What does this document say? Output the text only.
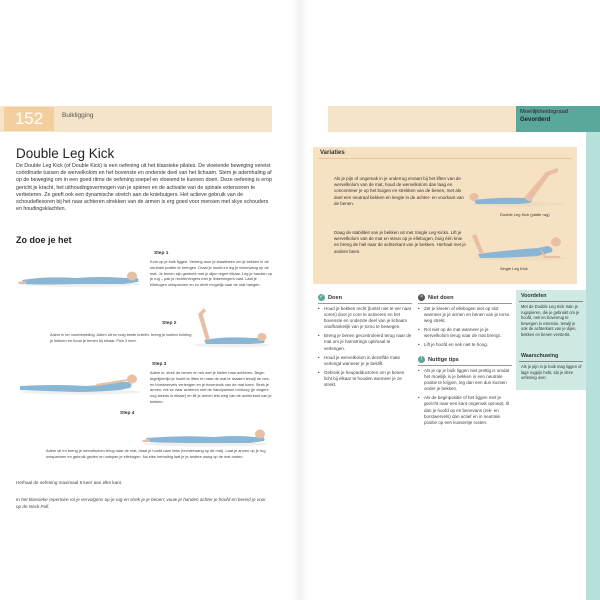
152	Buikligging
Double Leg Kick
De Double Leg Kick (of Double Kick) is een oefening uit het klassieke pilates. De vloeiende beweging vereist coördinatie tussen de wervelkolom en het bovenste en onderste deel van het lichaam. Stem je ademhaling af op de beweging om in een goed ritme de oefening soepel en vloeiend te kunnen doen. Deze oefening is erop gericht je kracht, het uithoudingsvermogen van je spieren en de activatie van de spinale extensoren te verbeteren. Ze geeft ook een dynamische stretch aan de kniebuigers. Het actieve gebruik van de schoudeflexoren bij het naar achteren strekken van de armen is erg goed voor mensen met skye schouders en houdingsklachten.
Zo doe je het
Step 1
Kom op je buik liggen. Verleng door je staartbeen om je bekken in de neutrale positie te brengen. Draai je hoofd en leg je linkerwang op de mat. Je benen zijn gestrekt met je dijen tegen elkaar. Leg je handen op je rug – pak je rechtervingers met je linkervingers vast. Laat je ellebogen ontspannen en zo dicht mogelijk naar de mat hangen.
Step 2
Adem in ter voorbereiding. Adem uit en buig beide knieën, breng je voeten richting je bekken en houd je benen bij elkaar. Puls 3 keer.
Step 3
Adem in, strek de benen en rek met je hielen naar achteren. Begin tegelijkertijd je hoofd te liften en naar de mat te draaien terwijl de nek- en borstwervels verlengen en je bovenbuik van de mat komt. Strek je armen, rek ze naar achteren met de handpalmen omhoog (je vingers nog steeds in elkaar) en lift je armen iets weg van de achterkant van je bekken.
Step 4
Adem uit en breng je wervelkolom terug naar de mat, draai je hoofd naar links (rechterwang op de mat). Laat je armen op je rug ontspannen en gebruik gezien en ontspan je ellebogen. Na elke herhaling laat je je andere wang op de mat rusten.
Herhaal de oefening maximaal 5 keer aan elke kant.
In het klassieke repertoire rol je vervolgens op je rug en strek je je benen; vouw je handen achter je hoofd en bereid je voor op de Neck Pull.
Moeilijkheidsgraad
Gevorderd
Variaties
Als je pijn of ongemak in je onderrug ervaart bij het liften van de wervelkolom van de mat, houd de wervelkolom dan laag en concentreer je op het buigen en strekken van de benen, met als doel een neutraal bekken en lengte in de achter- en voorkant van de benen.
Double Leg Kick (platte rug)
Daag de stabiliteit van je bekken uit met Single Leg Kicks. Lift je wervelkolom van de mat en steun op je ellebogen, buig één knie en breng de hiel naar de achterkant van je bekken. Herhaal met je andere been.
Single Leg Kick
✓ Doen
• Houd je bekken recht (luntel niet te ver naar voren) door je core te activeren en het bovenste en onderste deel van je lichaam onafhankelijk van je torso te bewegen.
• Breng je benen gecontroleerd terug naar de mat om je hamstrings optimaal te verlengen.
• Houd je wervelkolom in dezelfde mate verlengd wanneer je je beklift.
• Gebruik je heupadductoren om je benen licht bij elkaar te houden wanneer je ze strekt.
× Niet doen
• Zet je knieën of ellebogen niet op slot wanneer je je armen en benen van je torso weg strekt.
• Rol niet op de mat wanneer je je wervelkolom terug naar de mat brengt.
• Lift je hoofd en nek niet te hoog.
!	Nuttige tips
• Als je op je buik liggen niet prettig is omdat het moeilijk is je bekken in een neutrale positie te krijgen, leg dan een dun kussen onder je bekken.
• Als de beginpositie of het liggen met je gezicht naar een kant ongemak oproept, til dan je hoofd op en benevans (rek- en borstwervels) dan actief en in neutrale positie op een kussentje rusten.
Voordelen
Met de Double Leg Kick train je rugspieren, die je gebruikt om je hoofd, nek en bovenrug te bewegen in extensie, terwijl je ook de achterkant van je dijen, bekken en benen versterkt.
Waarschuwing
Als je pijn in je buik mag liggen of lage rugpijn hebt, sla je deze oefening over.
